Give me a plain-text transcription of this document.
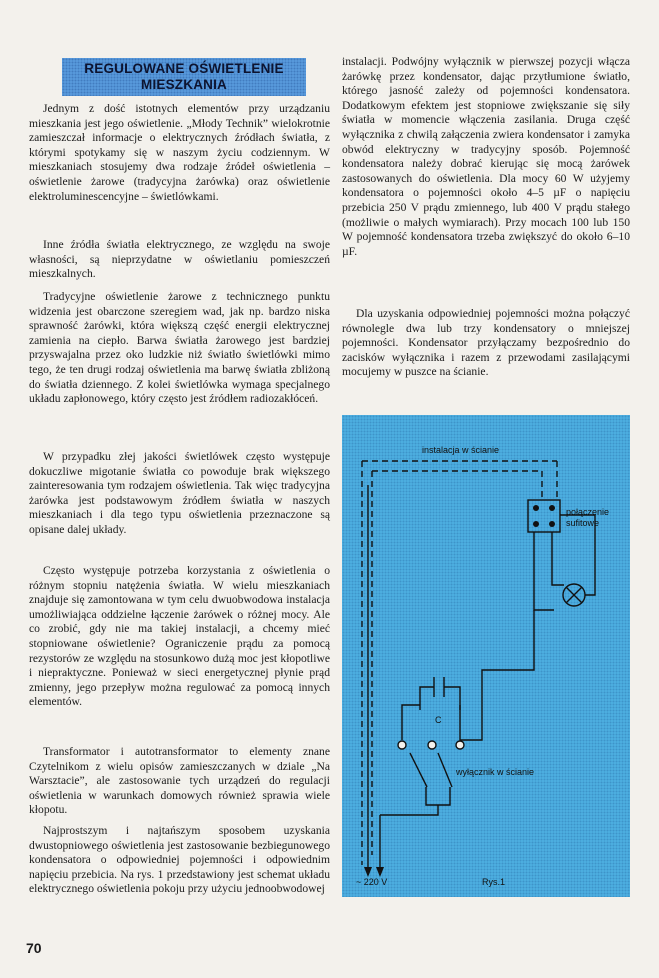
REGULOWANE OŚWIETLENIE
MIESZKANIA

Jednym z dość istotnych elementów przy urządzaniu mieszkania jest jego oświetlenie. „Młody Technik” wielokrotnie zamieszczał informacje o elektrycznych źródłach światła, z którymi spotykamy się w naszym życiu codziennym. W mieszkaniach stosujemy dwa rodzaje źródeł oświetlenia – oświetlenie żarowe (tradycyjna żarówka) oraz oświetlenie elektroluminescencyjne – świetlówkami.

Inne źródła światła elektrycznego, ze względu na swoje własności, są nieprzydatne w oświetlaniu pomieszczeń mieszkalnych.

Tradycyjne oświetlenie żarowe z technicznego punktu widzenia jest obarczone szeregiem wad, jak np. bardzo niska sprawność żarówki, która większą część energii elektrycznej zamienia na ciepło. Barwa światła żarowego jest bardziej przyswajalna przez oko ludzkie niż światło świetlówki mimo tego, że ten drugi rodzaj oświetlenia ma barwę światła zbliżoną do światła dziennego. Z kolei świetlówka wymaga specjalnego układu zapłonowego, który często jest źródłem radiozakłóceń.

W przypadku złej jakości świetlówek często występuje dokuczliwe migotanie światła co powoduje brak większego zainteresowania tym rodzajem oświetlenia. Tak więc tradycyjna żarówka jest podstawowym źródłem światła w naszych mieszkaniach i dla tego typu oświetlenia przeznaczone są opisane dalej układy.

Często występuje potrzeba korzystania z oświetlenia o różnym stopniu natężenia światła. W wielu mieszkaniach znajduje się zamontowana w tym celu dwuobwodowa instalacja umożliwiająca oddzielne łączenie żarówek o różnej mocy. Ale co zrobić, gdy nie ma takiej instalacji, a chcemy mieć stopniowane oświetlenie? Ograniczenie prądu za pomocą rezystorów ze względu na stosunkowo dużą moc jest kłopotliwe i niepraktyczne. Ponieważ w sieci energetycznej płynie prąd zmienny, jego przepływ można regulować za pomocą innych elementów.

Transformator i autotransformator to elementy znane Czytelnikom z wielu opisów zamieszczanych w dziale „Na Warsztacie”, ale zastosowanie tych urządzeń do regulacji oświetlenia w warunkach domowych również sprawia wiele kłopotu.

Najprostszym i najtańszym sposobem uzyskania dwustopniowego oświetlenia jest zastosowanie bezbiegunowego kondensatora o odpowiedniej pojemności i odpowiednim napięciu przebicia. Na rys. 1 przedstawiony jest schemat układu elektrycznego oświetlenia pokoju przy użyciu jednoobwodowej

instalacji. Podwójny wyłącznik w pierwszej pozycji włącza żarówkę przez kondensator, dając przytłumione światło, którego jasność zależy od pojemności kondensatora. Dodatkowym efektem jest stopniowe zwiększanie się siły światła w momencie włączenia zasilania. Druga część wyłącznika z chwilą załączenia zwiera kondensator i zamyka obwód elektryczny w tradycyjny sposób. Pojemność kondensatora należy dobrać kierując się mocą żarówek zastosowanych do oświetlenia. Dla mocy 60 W użyjemy kondensatora o pojemności około 4–5 µF o napięciu przebicia 250 V prądu zmiennego, lub 400 V prądu stałego (możliwie o małych wymiarach). Przy mocach 100 lub 150 W pojemność kondensatora trzeba zwiększyć do około 6–10 µF.

Dla uzyskania odpowiedniej pojemności można połączyć równolegle dwa lub trzy kondensatory o mniejszej pojemności. Kondensator przyłączamy bezpośrednio do zacisków wyłącznika i razem z przewodami zasilającymi mocujemy w puszce na ścianie.

instalacja w ścianie
połączenie
sufitowe
C
wyłącznik w ścianie
~ 220 V	Rys.1
70
